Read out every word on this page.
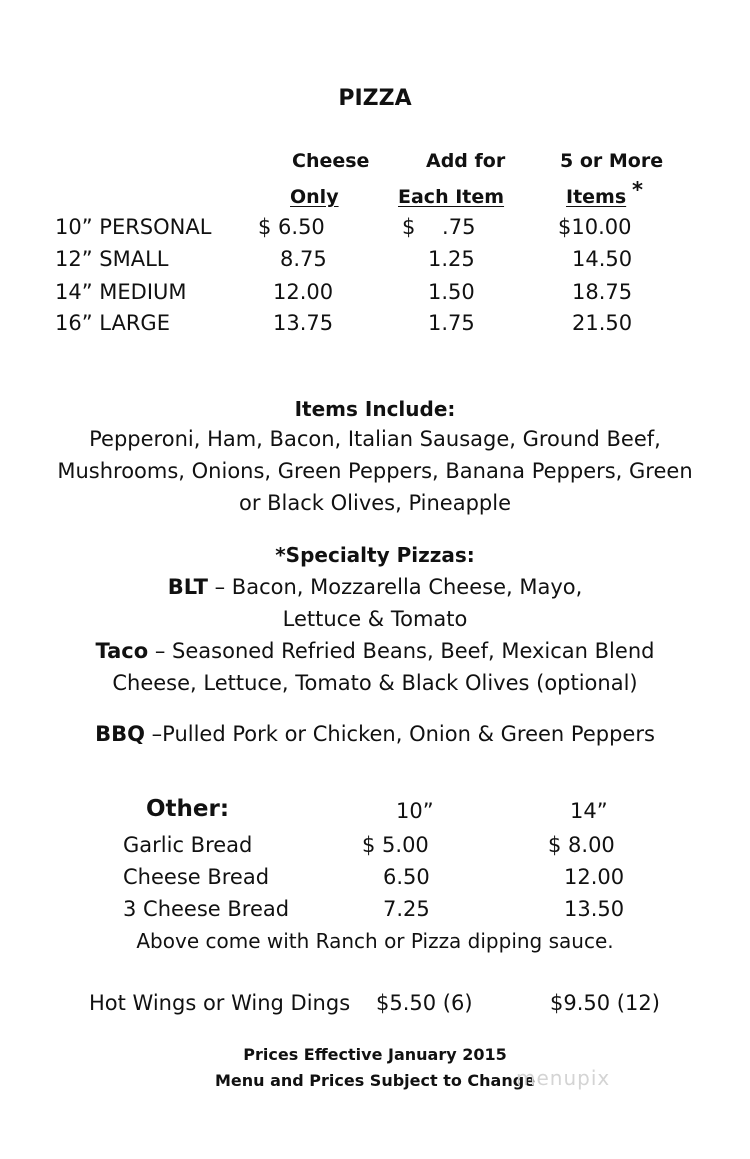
PIZZA
Cheese	Add for	5 or More
Only	Each Item	Items *
10” PERSONAL $ 6.50	$    .75	$10.00
12” SMALL	8.75	1.25	14.50
14” MEDIUM	12.00	1.50	18.75
16” LARGE	13.75	1.75	21.50
Items Include:
Pepperoni, Ham, Bacon, Italian Sausage, Ground Beef,
Mushrooms, Onions, Green Peppers, Banana Peppers, Green
or Black Olives, Pineapple
*Specialty Pizzas:
BLT – Bacon, Mozzarella Cheese, Mayo,
Lettuce & Tomato
Taco – Seasoned Refried Beans, Beef, Mexican Blend
Cheese, Lettuce, Tomato & Black Olives (optional)
BBQ –Pulled Pork or Chicken, Onion & Green Peppers
Other:	10”	14”
Garlic Bread	$ 5.00	$ 8.00
Cheese Bread	6.50	12.00
3 Cheese Bread	7.25	13.50
Above come with Ranch or Pizza dipping sauce.
Hot Wings or Wing Dings $5.50 (6)	$9.50 (12)
Prices Effective January 2015
Menu and Prices Subject to Change
menupix
